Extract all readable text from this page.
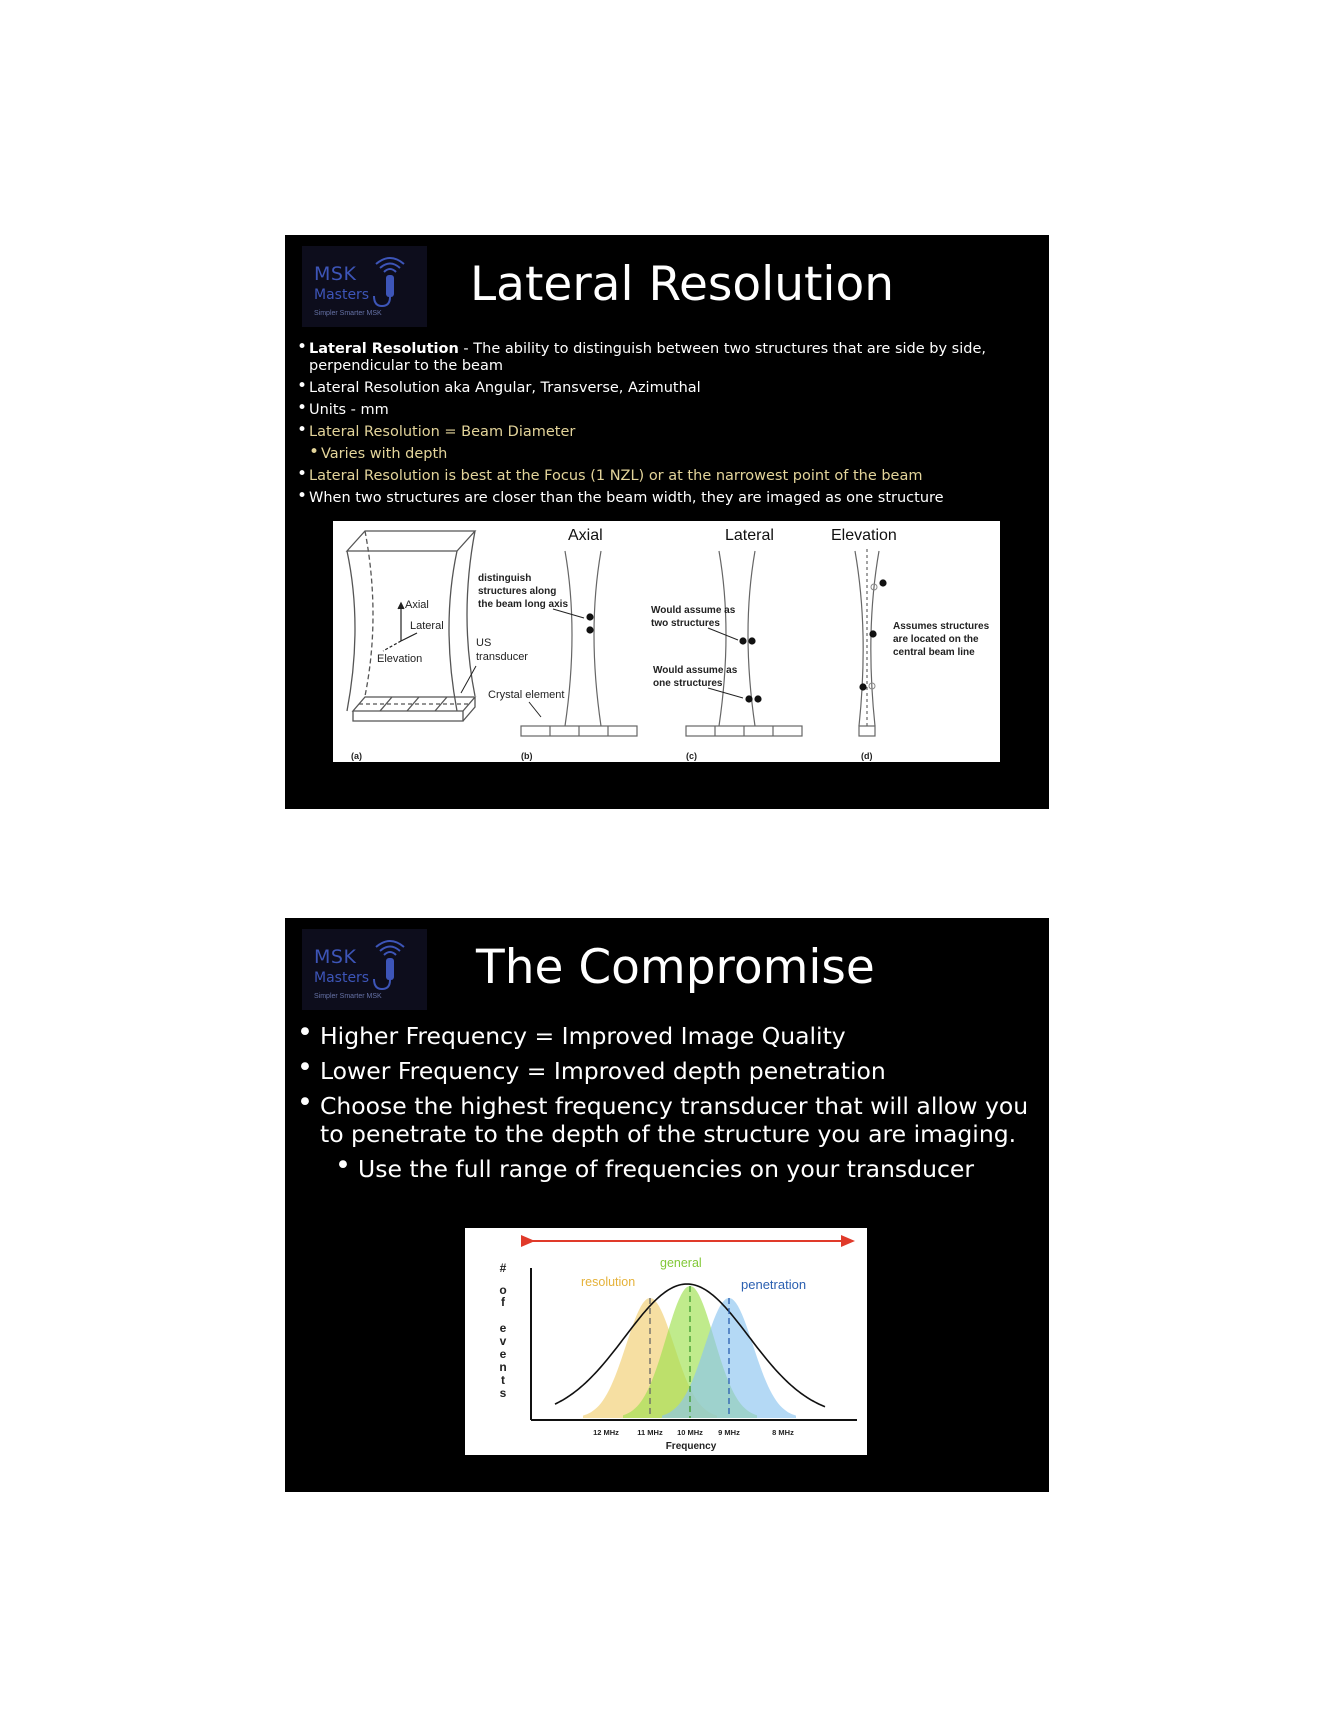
MSK
Masters
Simpler Smarter MSK
Lateral Resolution
• Lateral Resolution - The ability to distinguish between two structures that are side by side, perpendicular to the beam
• Lateral Resolution aka Angular, Transverse, Azimuthal
• Units - mm
• Lateral Resolution = Beam Diameter
• Varies with depth
• Lateral Resolution is best at the Focus (1 NZL) or at the narrowest point of the beam
• When two structures are closer than the beam width, they are imaged as one structure
Axial	Lateral	Elevation
Axial
Lateral
Elevation
US
transducer
Crystal element
distinguish
structures along
the beam long axis
Would assume as
two structures
Would assume as
one structures
Assumes structures
are located on the
central beam line
(a)	(b)	(c)	(d)
MSK
Masters
Simpler Smarter MSK
The Compromise
• Higher Frequency = Improved Image Quality
• Lower Frequency = Improved depth penetration
• Choose the highest frequency transducer that will allow you to penetrate to the depth of the structure you are imaging.
• Use the full range of frequencies on your transducer
#
o
f
e
v
e
n
t
s
resolution
general
penetration
12 MHz 11 MHz 10 MHz 9 MHz	8 MHz
Frequency
